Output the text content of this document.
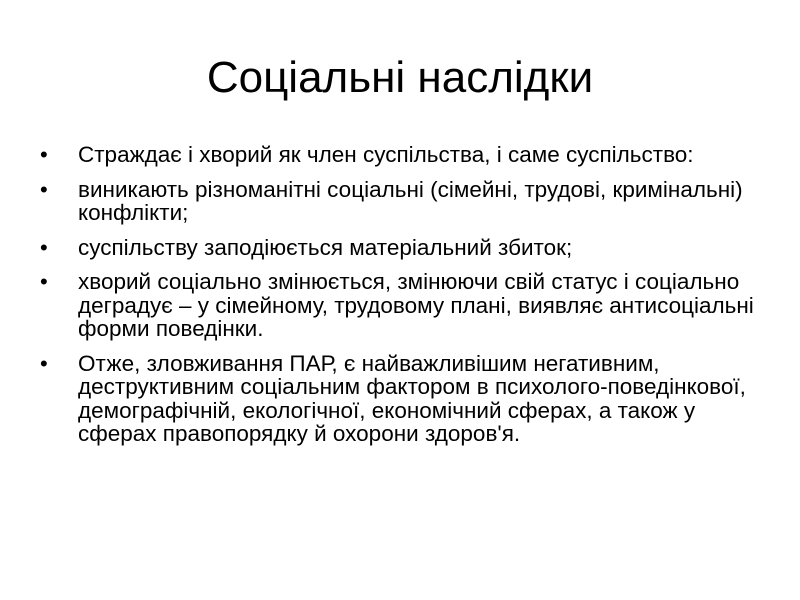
Соціальні наслідки
•	Страждає і хворий як член суспільства, і саме суспільство:
•	виникають різноманітні соціальні (сімейні, трудові, кримінальні) конфлікти;
•	суспільству заподіюється матеріальний збиток;
•	хворий соціально змінюється, змінюючи свій статус і соціально деградує – у сімейному, трудовому плані, виявляє антисоціальні форми поведінки.
•	Отже, зловживання ПАР, є найважливішим негативним, деструктивним соціальним фактором в психолого-поведінкової, демографічній, екологічної, економічний сферах, а також у сферах правопорядку й охорони здоров'я.
